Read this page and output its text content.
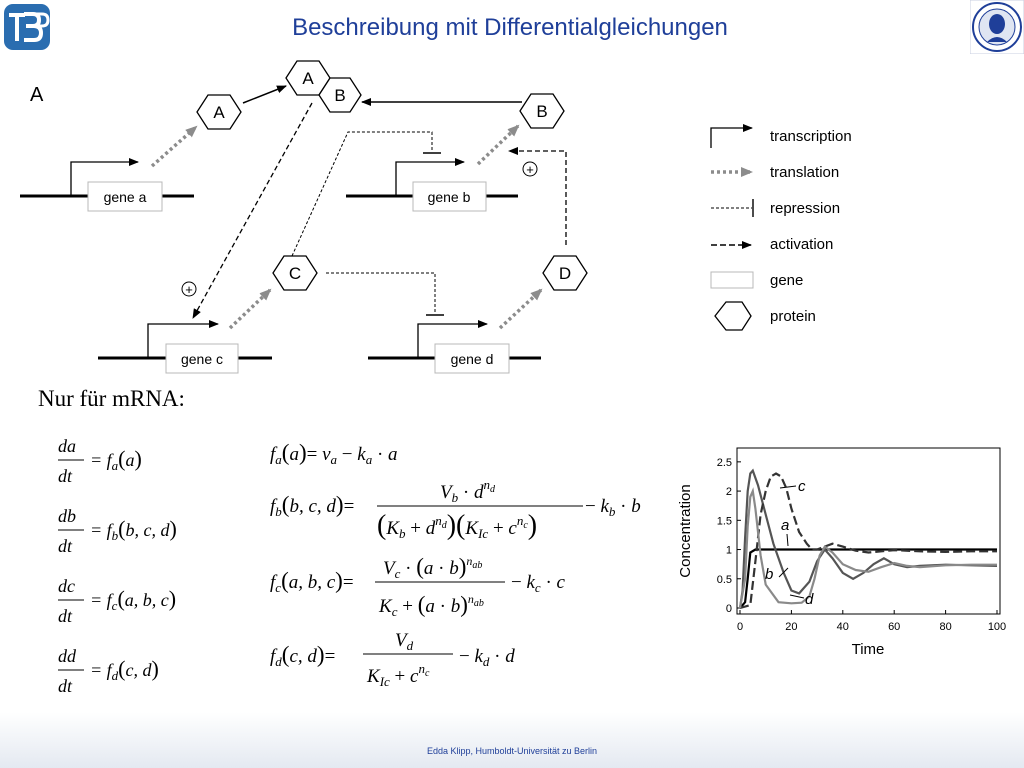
Beschreibung mit Differentialgleichungen
A
gene a	gene b
gene c	gene d
+
+
A
B
A	B
C	D
transcription
translation
repression
activation
gene
protein
Nur für mRNA:
da
dt
= $f_a(a)$
db
dt
= $f_b(b$, c, d)
dc
dt
= $f_c(a$, b, c)
dd
dt
= $f_d(c$, d)
$f_a(a)= v_a - k_a \cdot a$
$f_b(b$, c, d)=
$V_b \cdot d^nd$
$(K_b + d^nd)(K_{Ic} + c^nc)$
− $k_b \cdot b$
$f_c(a$, b, c)=
$V_c \cdot (a \cdot b)^nab$
$K_c + (a \cdot b)^nab$
− $k_c \cdot c$
$f_d(c$, d)=
$V_d$
$K_{Ic} + c^nc$
− $k_d \cdot d$
0	20	40	60	80	100
0
0.5
1
1.5
2
2.5
Time
Concentration	c
a
b
d
Edda Klipp, Humboldt-Universität zu Berlin
